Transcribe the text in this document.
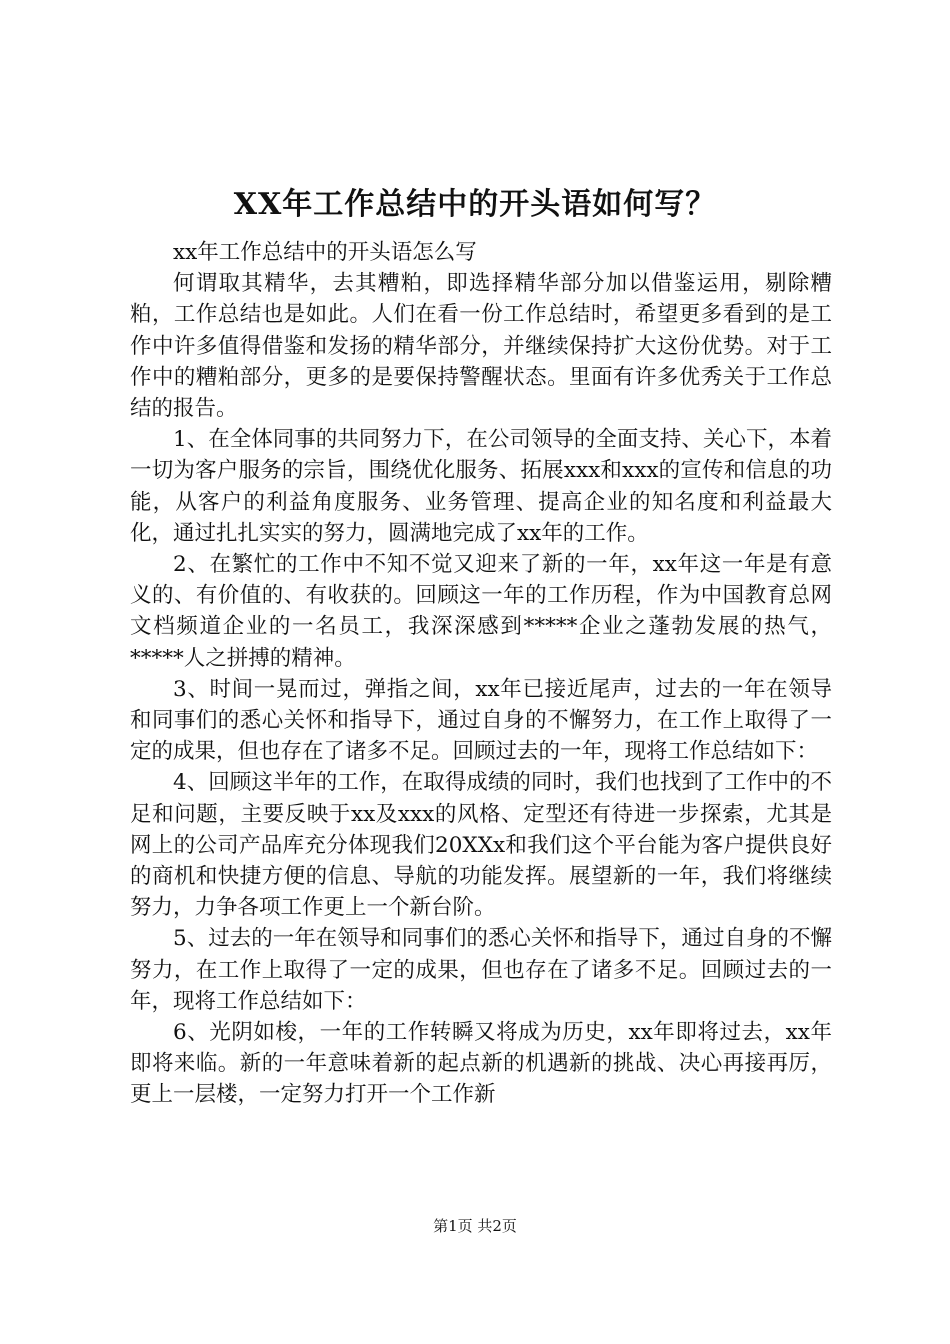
XX年工作总结中的开头语如何写？

xx年工作总结中的开头语怎么写

何谓取其精华，去其糟粕，即选择精华部分加以借鉴运用，剔除糟粕，工作总结也是如此。人们在看一份工作总结时，希望更多看到的是工作中许多值得借鉴和发扬的精华部分，并继续保持扩大这份优势。对于工作中的糟粕部分，更多的是要保持警醒状态。里面有许多优秀关于工作总结的报告。

1、在全体同事的共同努力下，在公司领导的全面支持、关心下，本着一切为客户服务的宗旨，围绕优化服务、拓展xxx和xxx的宣传和信息的功能，从客户的利益角度服务、业务管理、提高企业的知名度和利益最大化，通过扎扎实实的努力，圆满地完成了xx年的工作。

2、在繁忙的工作中不知不觉又迎来了新的一年，xx年这一年是有意义的、有价值的、有收获的。回顾这一年的工作历程，作为中国教育总网文档频道企业的一名员工，我深深感到*****企业之蓬勃发展的热气，*****人之拼搏的精神。

3、时间一晃而过，弹指之间，xx年已接近尾声，过去的一年在领导和同事们的悉心关怀和指导下，通过自身的不懈努力，在工作上取得了一定的成果，但也存在了诸多不足。回顾过去的一年，现将工作总结如下：

4、回顾这半年的工作，在取得成绩的同时，我们也找到了工作中的不足和问题，主要反映于xx及xxx的风格、定型还有待进一步探索，尤其是网上的公司产品库充分体现我们20XXx和我们这个平台能为客户提供良好的商机和快捷方便的信息、导航的功能发挥。展望新的一年，我们将继续努力，力争各项工作更上一个新台阶。

5、过去的一年在领导和同事们的悉心关怀和指导下，通过自身的不懈努力，在工作上取得了一定的成果，但也存在了诸多不足。回顾过去的一年，现将工作总结如下：

6、光阴如梭，一年的工作转瞬又将成为历史，xx年即将过去，xx年即将来临。新的一年意味着新的起点新的机遇新的挑战、决心再接再厉，更上一层楼，一定努力打开一个工作新

第1页 共2页
